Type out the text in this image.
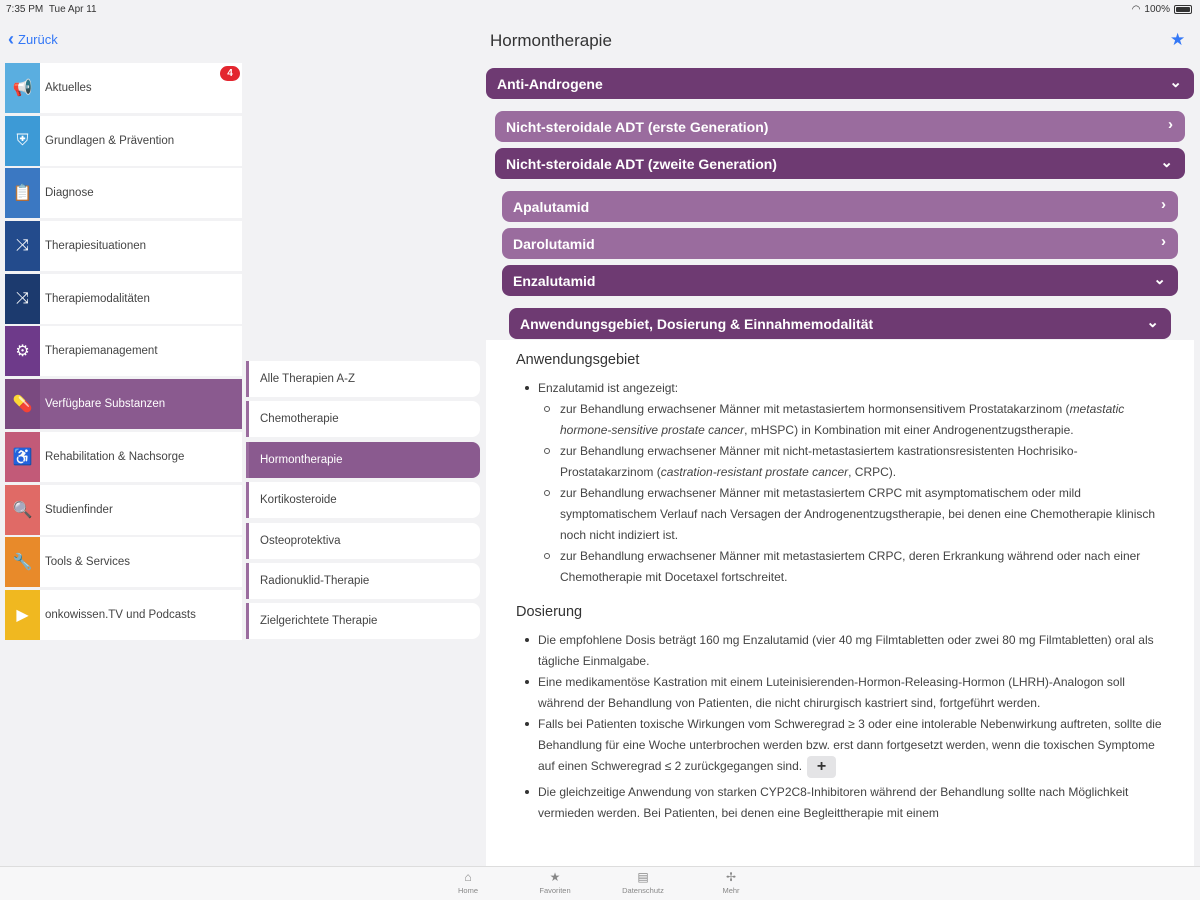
7:35 PM Tue Apr 11	◠ 100%
‹ Zurück
📢	Aktuelles
4
⛨	Grundlagen & Prävention
📋	Diagnose
⤨	Therapiesituationen
⤨	Therapiemodalitäten
⚙	Therapiemanagement
💊	Verfügbare Substanzen
♿	Rehabilitation & Nachsorge
🔍	Studienfinder
🔧	Tools & Services
▶	onkowissen.TV und Podcasts
Alle Therapien A-Z
Chemotherapie
Hormontherapie
Kortikosteroide
Osteoprotektiva
Radionuklid-Therapie
Zielgerichtete Therapie
Hormontherapie	★
Anti-Androgene	⌄
Nicht-steroidale ADT (erste Generation)	›
Nicht-steroidale ADT (zweite Generation)	⌄
Apalutamid	›
Darolutamid	›
Enzalutamid	⌄
Anwendungsgebiet, Dosierung & Einnahmemodalität	⌄
Anwendungsgebiet
Enzalutamid ist angezeigt:
zur Behandlung erwachsener Männer mit metastasiertem hormonsensitivem Prostatakarzinom (metastatic hormone-sensitive prostate cancer, mHSPC) in Kombination mit einer Androgenentzugstherapie.
zur Behandlung erwachsener Männer mit nicht-metastasiertem kastrationsresistenten Hochrisiko-Prostatakarzinom (castration-resistant prostate cancer, CRPC).
zur Behandlung erwachsener Männer mit metastasiertem CRPC mit asymptomatischem oder mild symptomatischem Verlauf nach Versagen der Androgenentzugstherapie, bei denen eine Chemotherapie klinisch noch nicht indiziert ist.
zur Behandlung erwachsener Männer mit metastasiertem CRPC, deren Erkrankung während oder nach einer Chemotherapie mit Docetaxel fortschreitet.
Dosierung
Die empfohlene Dosis beträgt 160 mg Enzalutamid (vier 40 mg Filmtabletten oder zwei 80 mg Filmtabletten) oral als tägliche Einmalgabe.
Eine medikamentöse Kastration mit einem Luteinisierenden-Hormon-Releasing-Hormon (LHRH)-Analogon soll während der Behandlung von Patienten, die nicht chirurgisch kastriert sind, fortgeführt werden.
Falls bei Patienten toxische Wirkungen vom Schweregrad ≥ 3 oder eine intolerable Nebenwirkung auftreten, sollte die Behandlung für eine Woche unterbrochen werden bzw. erst dann fortgesetzt werden, wenn die toxischen Symptome auf einen Schweregrad ≤ 2 zurückgegangen sind. +
Die gleichzeitige Anwendung von starken CYP2C8-Inhibitoren während der Behandlung sollte nach Möglichkeit vermieden werden. Bei Patienten, bei denen eine Begleittherapie mit einem
⌂
Home
★
Favoriten
▤
Datenschutz
✢
Mehr
